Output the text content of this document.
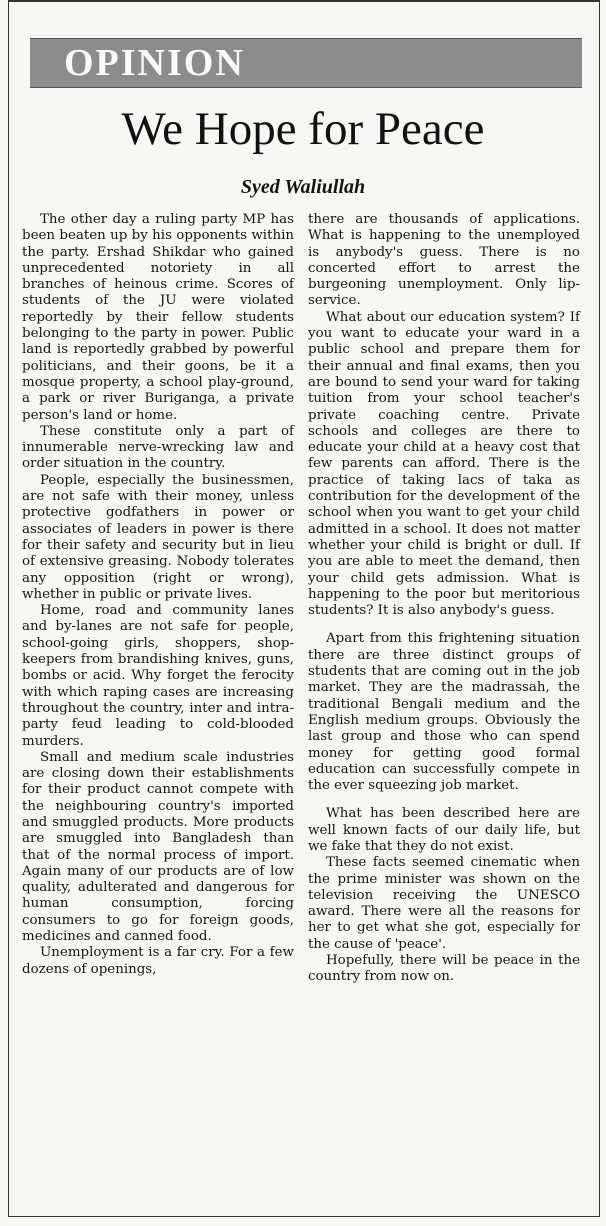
OPINION
We Hope for Peace
Syed Waliullah

The other day a ruling party MP has been beaten up by his opponents within the party. Ershad Shikdar who gained unprecedented notoriety in all branches of heinous crime. Scores of students of the JU were violated reportedly by their fellow students belonging to the party in power. Public land is reportedly grabbed by powerful politicians, and their goons, be it a mosque property, a school play-ground, a park or river Buriganga, a private person's land or home.

These constitute only a part of innumerable nerve-wrecking law and order situation in the country.

People, especially the businessmen, are not safe with their money, unless protective godfathers in power or associates of leaders in power is there for their safety and security but in lieu of extensive greasing. Nobody tolerates any opposition (right or wrong), whether in public or private lives.

Home, road and community lanes and by-lanes are not safe for people, school-going girls, shoppers, shop-keepers from brandishing knives, guns, bombs or acid. Why forget the ferocity with which raping cases are increasing throughout the country, inter and intra-party feud leading to cold-blooded murders.

Small and medium scale industries are closing down their establishments for their product cannot compete with the neighbouring country's imported and smuggled products. More products are smuggled into Bangladesh than that of the normal process of import. Again many of our products are of low quality, adulterated and dangerous for human consumption, forcing consumers to go for foreign goods, medicines and canned food.

Unemployment is a far cry. For a few dozens of openings,

there are thousands of applications. What is happening to the unemployed is anybody's guess. There is no concerted effort to arrest the burgeoning unemployment. Only lip-service.

What about our education system? If you want to educate your ward in a public school and prepare them for their annual and final exams, then you are bound to send your ward for taking tuition from your school teacher's private coaching centre. Private schools and colleges are there to educate your child at a heavy cost that few parents can afford. There is the practice of taking lacs of taka as contribution for the development of the school when you want to get your child admitted in a school. It does not matter whether your child is bright or dull. If you are able to meet the demand, then your child gets admission. What is happening to the poor but meritorious students? It is also anybody's guess.

Apart from this frightening situation there are three distinct groups of students that are coming out in the job market. They are the madrassah, the traditional Bengali medium and the English medium groups. Obviously the last group and those who can spend money for getting good formal education can successfully compete in the ever squeezing job market.

What has been described here are well known facts of our daily life, but we fake that they do not exist.

These facts seemed cinematic when the prime minister was shown on the television receiving the UNESCO award. There were all the reasons for her to get what she got, especially for the cause of 'peace'.

Hopefully, there will be peace in the country from now on.
